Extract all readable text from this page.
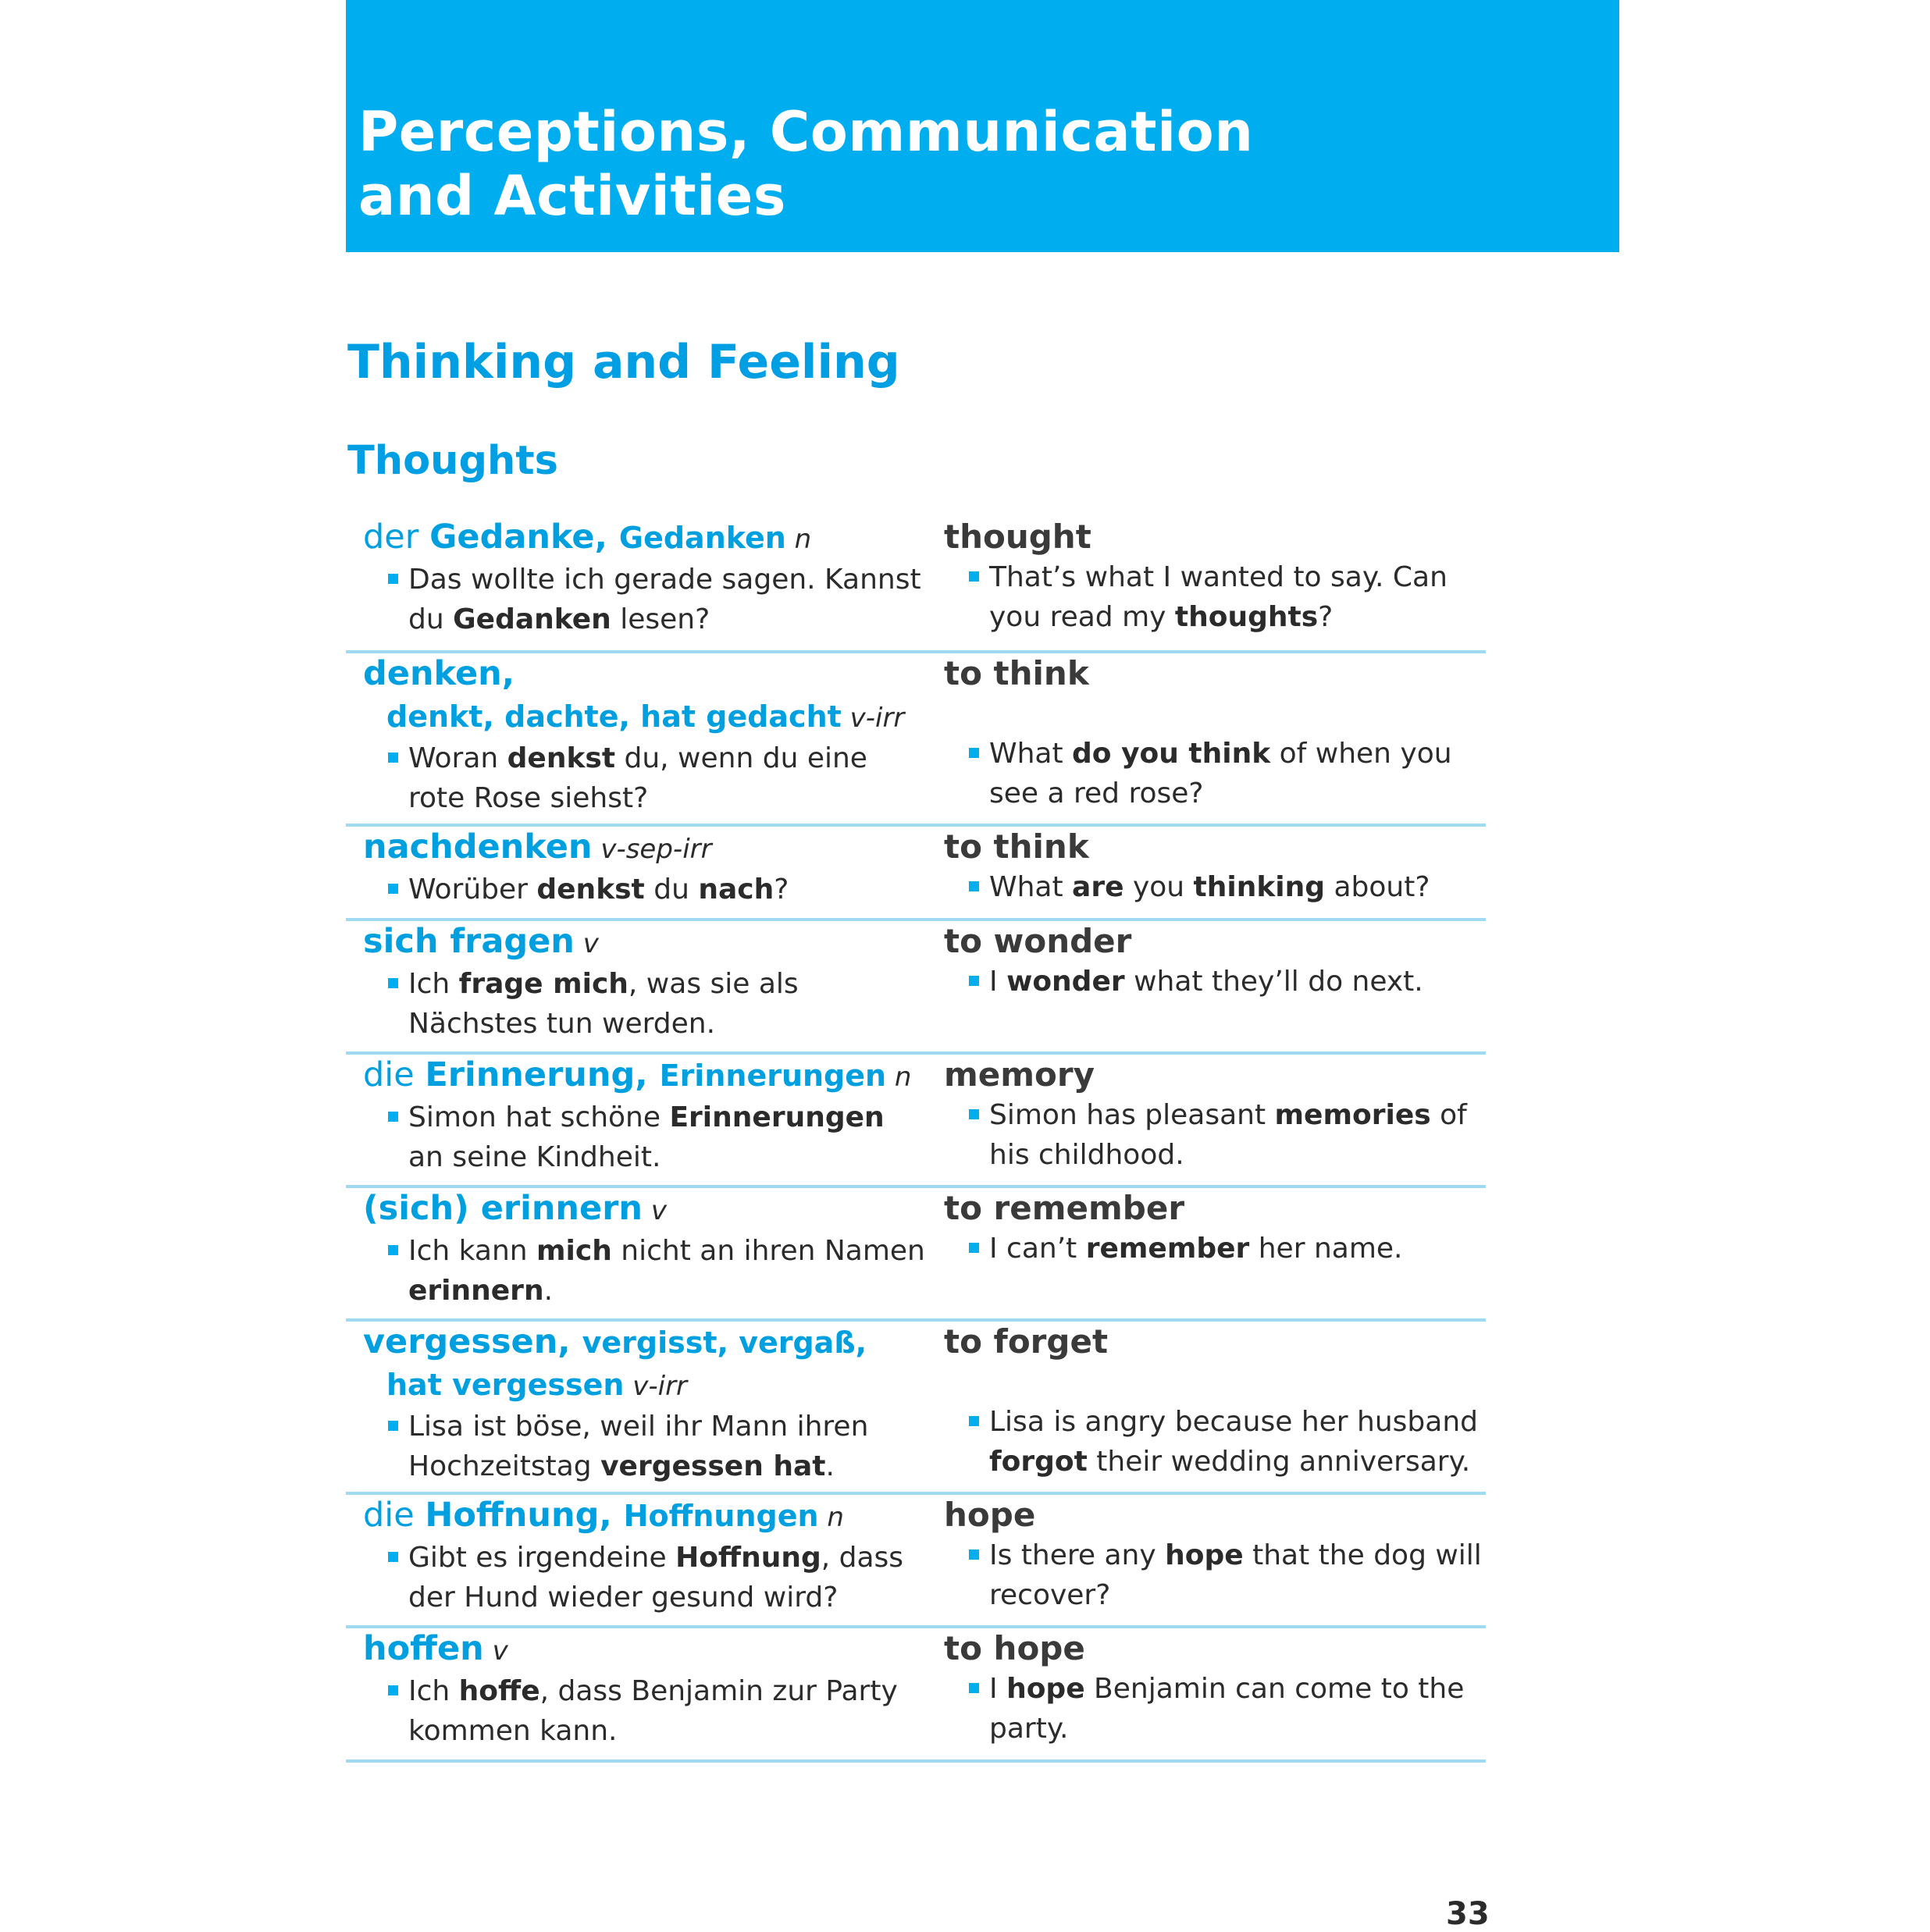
Perceptions, Communication
and Activities
Thinking and Feeling
Thoughts
der Gedanke, Gedanken n
Das wollte ich gerade sagen. Kannst du Gedanken lesen?
thought
That’s what I wanted to say. Can you read my thoughts?
denken,
denkt, dachte, hat gedacht v-irr
Woran denkst du, wenn du eine rote Rose siehst?
to think
What do you think of when you see a red rose?
nachdenken v-sep-irr
Worüber denkst du nach?
to think
What are you thinking about?
sich fragen v
Ich frage mich, was sie als Nächstes tun werden.
to wonder
I wonder what they’ll do next.
die Erinnerung, Erinnerungen n
Simon hat schöne Erinnerungen an seine Kindheit.
memory
Simon has pleasant memories of his childhood.
(sich) erinnern v
Ich kann mich nicht an ihren Namen erinnern.
to remember
I can’t remember her name.
vergessen, vergisst, vergaß,
hat vergessen v-irr
Lisa ist böse, weil ihr Mann ihren Hochzeitstag vergessen hat.
to forget
Lisa is angry because her husband forgot their wedding anniversary.
die Hoffnung, Hoffnungen n
Gibt es irgendeine Hoffnung, dass der Hund wieder gesund wird?
hope
Is there any hope that the dog will recover?
hoffen v
Ich hoffe, dass Benjamin zur Party kommen kann.
to hope
I hope Benjamin can come to the party.
33
